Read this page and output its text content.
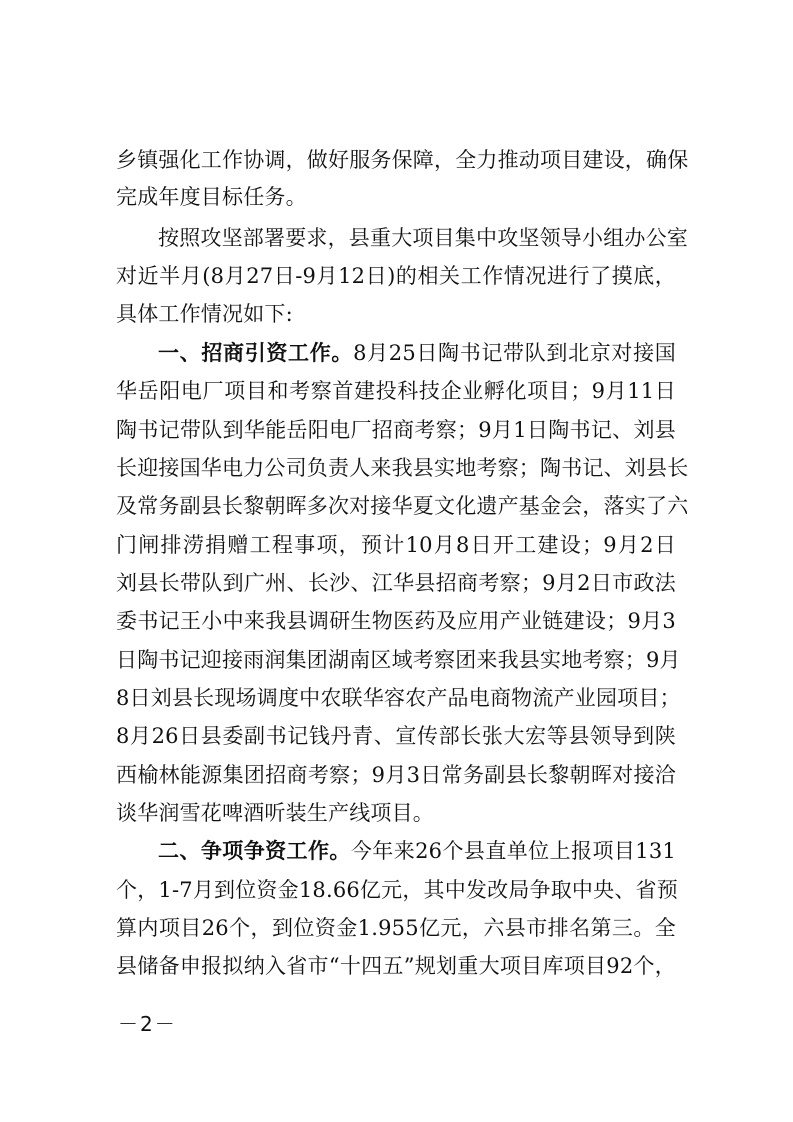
乡镇强化工作协调，做好服务保障，全力推动项目建设，确保
完成年度目标任务。
按照攻坚部署要求，县重大项目集中攻坚领导小组办公室
对近半月(8月27日-9月12日)的相关工作情况进行了摸底，
具体工作情况如下:
一、招商引资工作。8月25日陶书记带队到北京对接国
华岳阳电厂项目和考察首建投科技企业孵化项目；9月11日
陶书记带队到华能岳阳电厂招商考察；9月1日陶书记、刘县
长迎接国华电力公司负责人来我县实地考察；陶书记、刘县长
及常务副县长黎朝晖多次对接华夏文化遗产基金会，落实了六
门闸排涝捐赠工程事项，预计10月8日开工建设；9月2日
刘县长带队到广州、长沙、江华县招商考察；9月2日市政法
委书记王小中来我县调研生物医药及应用产业链建设；9月3
日陶书记迎接雨润集团湖南区域考察团来我县实地考察；9月
8日刘县长现场调度中农联华容农产品电商物流产业园项目；
8月26日县委副书记钱丹青、宣传部长张大宏等县领导到陕
西榆林能源集团招商考察；9月3日常务副县长黎朝晖对接洽
谈华润雪花啤酒听装生产线项目。
二、争项争资工作。今年来26个县直单位上报项目131
个，1-7月到位资金18.66亿元，其中发改局争取中央、省预
算内项目26个，到位资金1.955亿元，六县市排名第三。全
县储备申报拟纳入省市“十四五”规划重大项目库项目92个，
－2－
